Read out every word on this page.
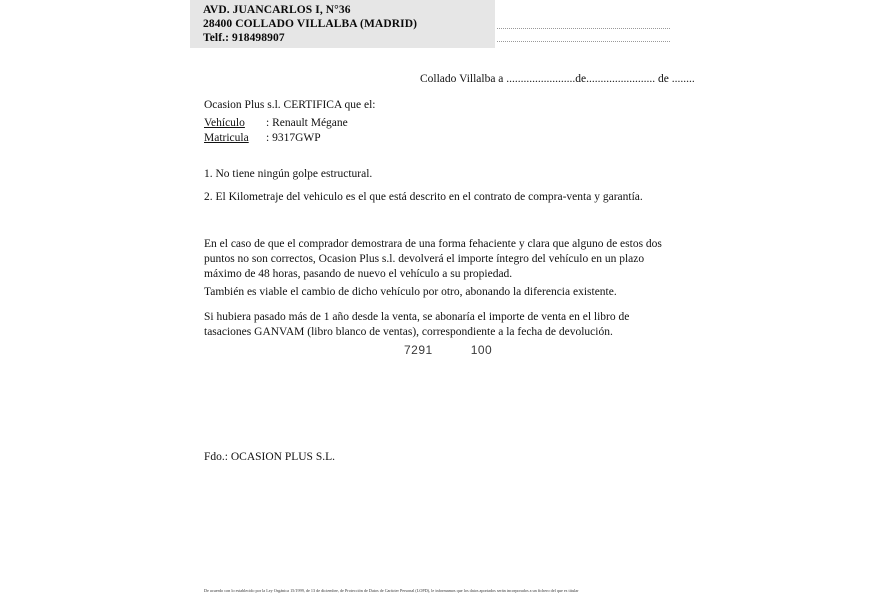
AVD. JUANCARLOS I, N°36
28400 COLLADO VILLALBA (MADRID)
Telf.: 918498907
Collado Villalba a ........................de........................ de ........
Ocasion Plus s.l. CERTIFICA que el:
Vehículo : Renault Mégane
Matricula : 9317GWP
1. No tiene ningún golpe estructural.
2. El Kilometraje del vehiculo es el que está descrito en el contrato de compra-venta y garantía.
En el caso de que el comprador demostrara de una forma fehaciente y clara que alguno de estos dos puntos no son correctos, Ocasion Plus s.l. devolverá el importe íntegro del vehículo en un plazo máximo de 48 horas, pasando de nuevo el vehículo a su propiedad.
También es viable el cambio de dicho vehículo por otro, abonando la diferencia existente.
Si hubiera pasado más de 1 año desde la venta, se abonaría el importe de venta en el libro de tasaciones GANVAM (libro blanco de ventas), correspondiente a la fecha de devolución.
7291	100
Fdo.: OCASION PLUS S.L.
De acuerdo con lo establecido por la Ley Orgánica 15/1999, de 13 de diciembre, de Protección de Datos de Carácter Personal (LOPD), le informamos que los datos aportados serán incorporados a un fichero del que es titular
